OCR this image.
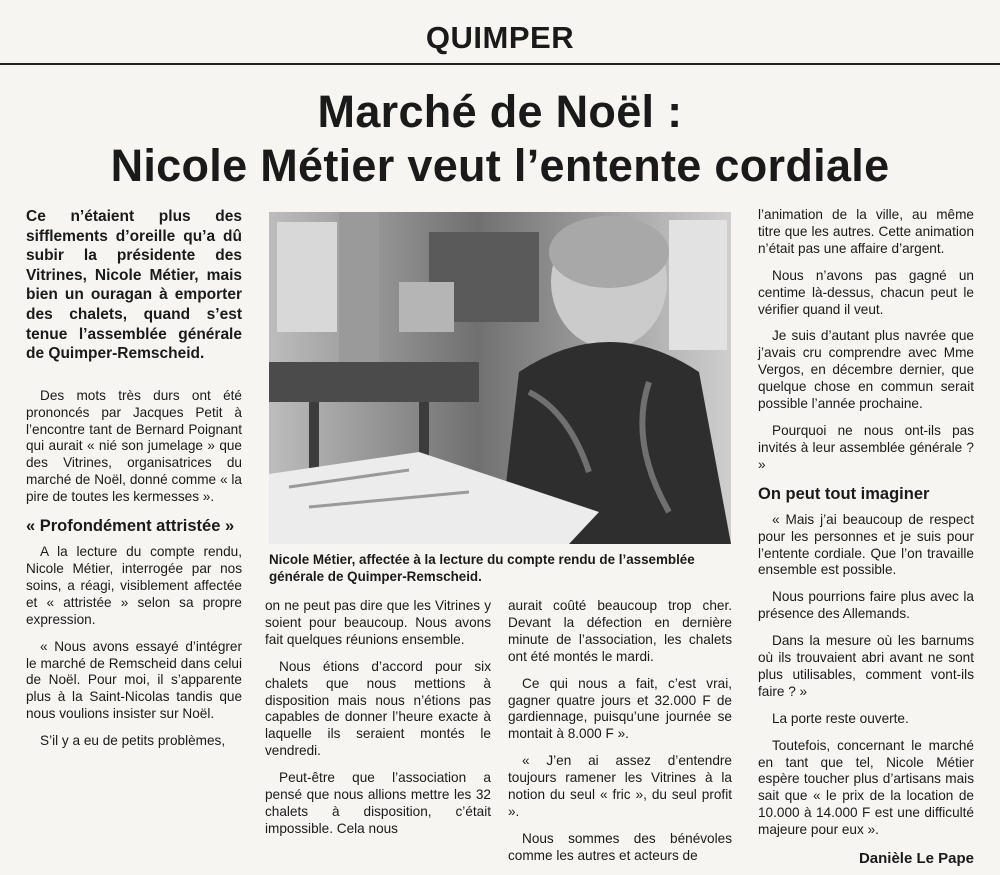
QUIMPER
Marché de Noël :
Nicole Métier veut l’entente cordiale
Ce n’étaient plus des sifflements d’oreille qu’a dû subir la présidente des Vitrines, Nicole Métier, mais bien un ouragan à emporter des chalets, quand s’est tenue l’assemblée générale de Quimper-Remscheid.

Des mots très durs ont été prononcés par Jacques Petit à l’encontre tant de Bernard Poignant qui aurait « nié son jumelage » que des Vitrines, organisatrices du marché de Noël, donné comme « la pire de toutes les kermesses ».

« Profondément attristée »

A la lecture du compte rendu, Nicole Métier, interrogée par nos soins, a réagi, visiblement affectée et « attristée » selon sa propre expression.

« Nous avons essayé d’intégrer le marché de Remscheid dans celui de Noël. Pour moi, il s’apparente plus à la Saint-Nicolas tandis que nous voulions insister sur Noël.

S’il y a eu de petits problèmes,

Nicole Métier, affectée à la lecture du compte rendu de l’assemblée générale de Quimper-Remscheid.

on ne peut pas dire que les Vitrines y soient pour beaucoup. Nous avons fait quelques réunions ensemble.

Nous étions d’accord pour six chalets que nous mettions à disposition mais nous n’étions pas capables de donner l’heure exacte à laquelle ils seraient montés le vendredi.

Peut-être que l’association a pensé que nous allions mettre les 32 chalets à disposition, c’était impossible. Cela nous

aurait coûté beaucoup trop cher. Devant la défection en dernière minute de l’association, les chalets ont été montés le mardi.

Ce qui nous a fait, c’est vrai, gagner quatre jours et 32.000 F de gardiennage, puisqu’une journée se montait à 8.000 F ».

« J’en ai assez d’entendre toujours ramener les Vitrines à la notion du seul « fric », du seul profit ».

Nous sommes des bénévoles comme les autres et acteurs de

l’animation de la ville, au même titre que les autres. Cette animation n’était pas une affaire d’argent.

Nous n’avons pas gagné un centime là-dessus, chacun peut le vérifier quand il veut.

Je suis d’autant plus navrée que j’avais cru comprendre avec Mme Vergos, en décembre dernier, que quelque chose en commun serait possible l’année prochaine.

Pourquoi ne nous ont-ils pas invités à leur assemblée générale ? »

On peut tout imaginer

« Mais j’ai beaucoup de respect pour les personnes et je suis pour l’entente cordiale. Que l’on travaille ensemble est possible.

Nous pourrions faire plus avec la présence des Allemands.

Dans la mesure où les barnums où ils trouvaient abri avant ne sont plus utilisables, comment vont-ils faire ? »

La porte reste ouverte.

Toutefois, concernant le marché en tant que tel, Nicole Métier espère toucher plus d’artisans mais sait que « le prix de la location de 10.000 à 14.000 F est une difficulté majeure pour eux ».

Danièle Le Pape
